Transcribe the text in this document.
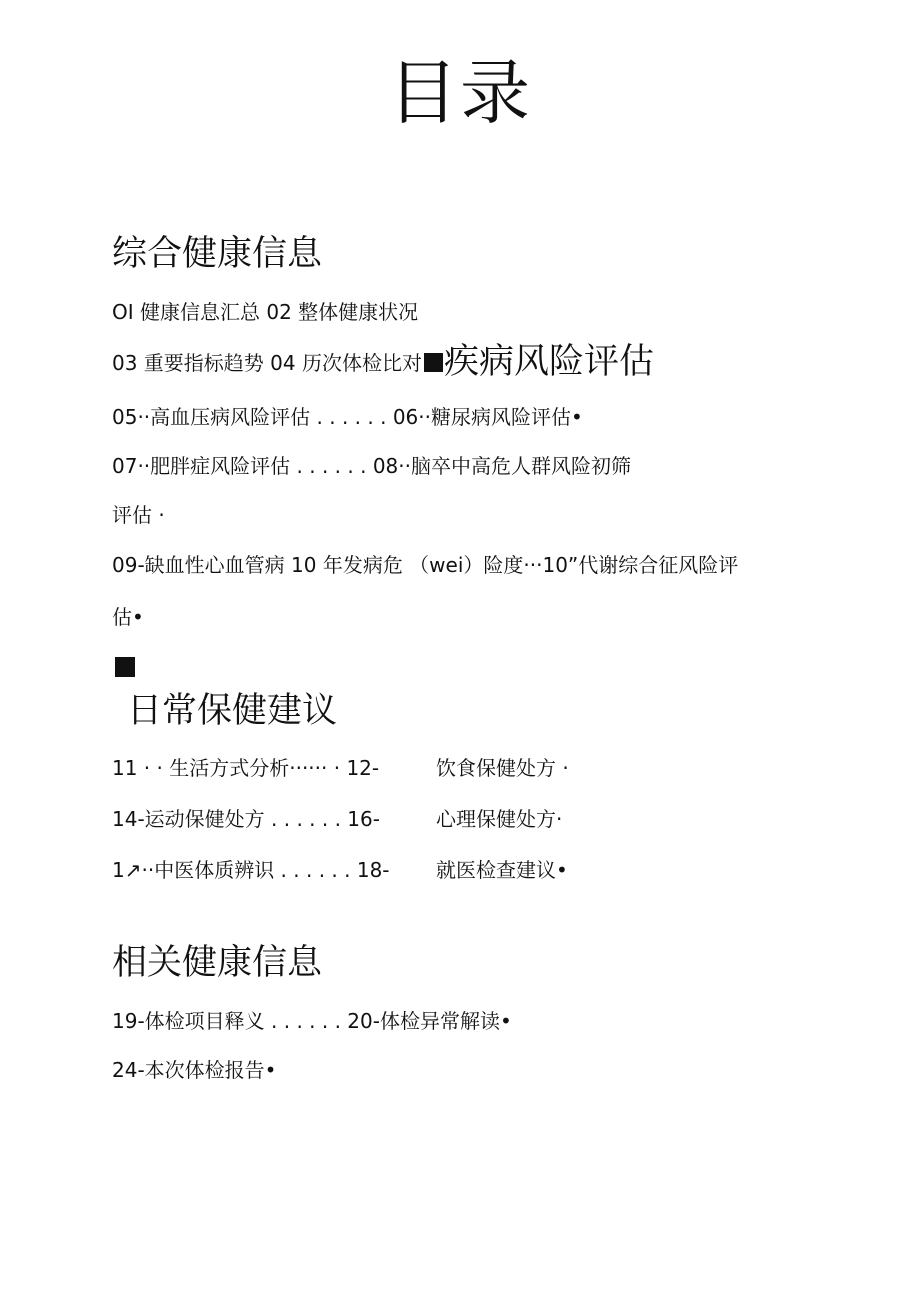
目录
综合健康信息
OI 健康信息汇总 02 整体健康状况
03 重要指标趋势 04 历次体检比对 疾病风险评估
05··高血压病风险评估 . . . . . . 06··糖尿病风险评估•
07··肥胖症风险评估 . . . . . . 08··脑卒中高危人群风险初筛
评估 ·
09-缺血性心血管病 10 年发病危 （wei）险度···10”代谢综合征风险评
估•
日常保健建议
11 · · 生活方式分析······ · 12-	饮食保健处方 ·
14-运动保健处方 . . . . . . 16-	心理保健处方·
1↗··中医体质辨识 . . . . . . 18- 就医检查建议•
相关健康信息
19-体检项目释义 . . . . . . 20-体检异常解读•
24-本次体检报告•
